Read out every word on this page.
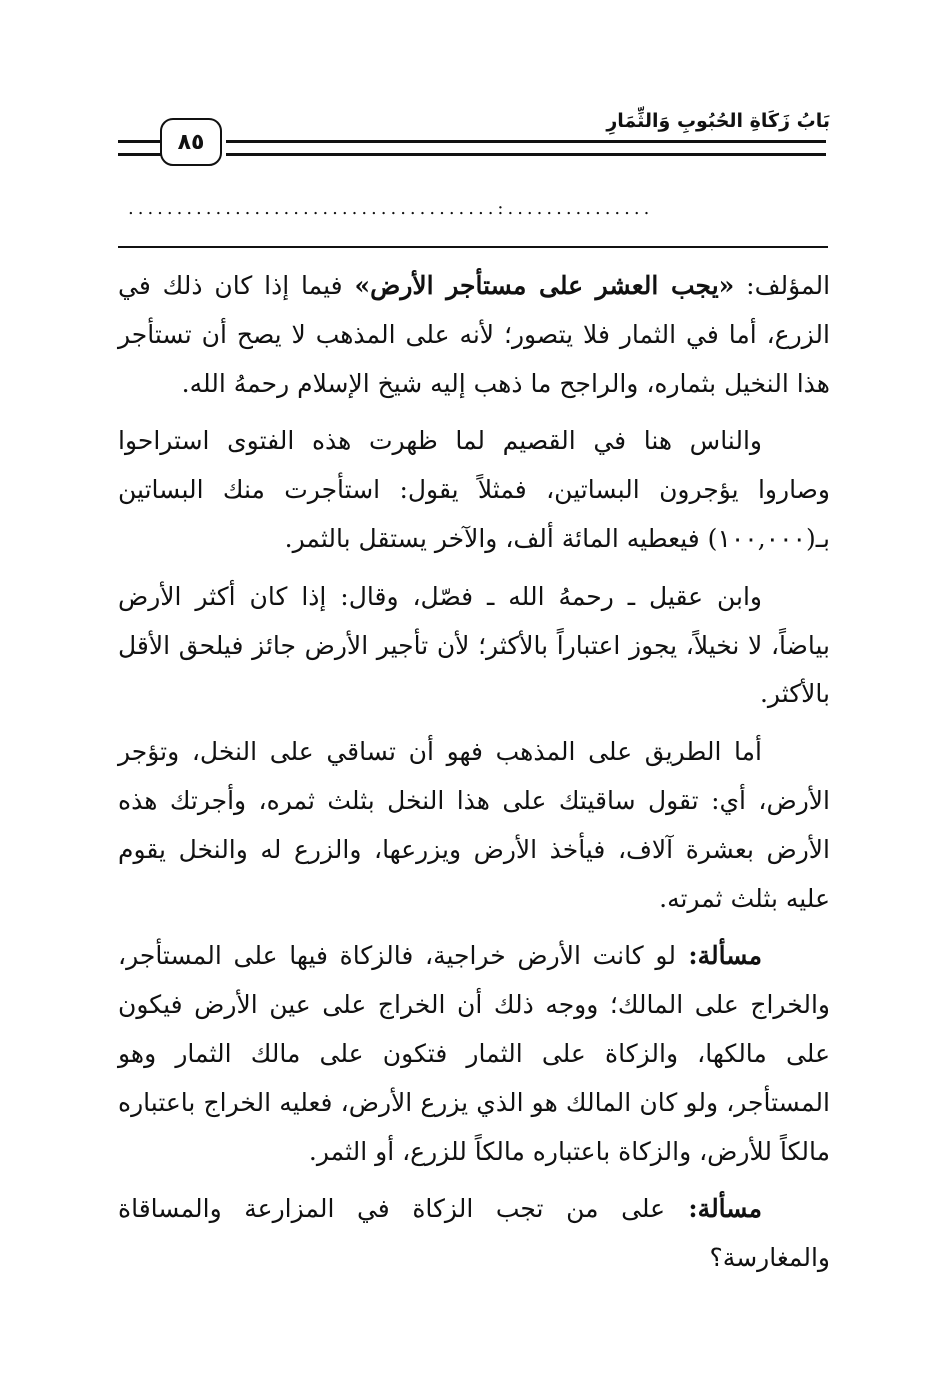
٨٥
بَابُ زَكَاةِ الحُبُوبِ وَالثِّمَارِ
......................................:...............

المؤلف: «يجب العشر على مستأجر الأرض» فيما إذا كان ذلك في الزرع، أما في الثمار فلا يتصور؛ لأنه على المذهب لا يصح أن تستأجر هذا النخيل بثماره، والراجح ما ذهب إليه شيخ الإسلام رحمهُ الله.

والناس هنا في القصيم لما ظهرت هذه الفتوى استراحوا وصاروا يؤجرون البساتين، فمثلاً يقول: استأجرت منك البساتين بـ(١٠٠,٠٠٠) فيعطيه المائة ألف، والآخر يستقل بالثمر.

وابن عقيل ـ رحمهُ الله ـ فصّل، وقال: إذا كان أكثر الأرض بياضاً، لا نخيلاً، يجوز اعتباراً بالأكثر؛ لأن تأجير الأرض جائز فيلحق الأقل بالأكثر.

أما الطريق على المذهب فهو أن تساقي على النخل، وتؤجر الأرض، أي: تقول ساقيتك على هذا النخل بثلث ثمره، وأجرتك هذه الأرض بعشرة آلاف، فيأخذ الأرض ويزرعها، والزرع له والنخل يقوم عليه بثلث ثمرته.

مسألة: لو كانت الأرض خراجية، فالزكاة فيها على المستأجر، والخراج على المالك؛ ووجه ذلك أن الخراج على عين الأرض فيكون على مالكها، والزكاة على الثمار فتكون على مالك الثمار وهو المستأجر، ولو كان المالك هو الذي يزرع الأرض، فعليه الخراج باعتباره مالكاً للأرض، والزكاة باعتباره مالكاً للزرع، أو الثمر.

مسألة: على من تجب الزكاة في المزارعة والمساقاة والمغارسة؟
